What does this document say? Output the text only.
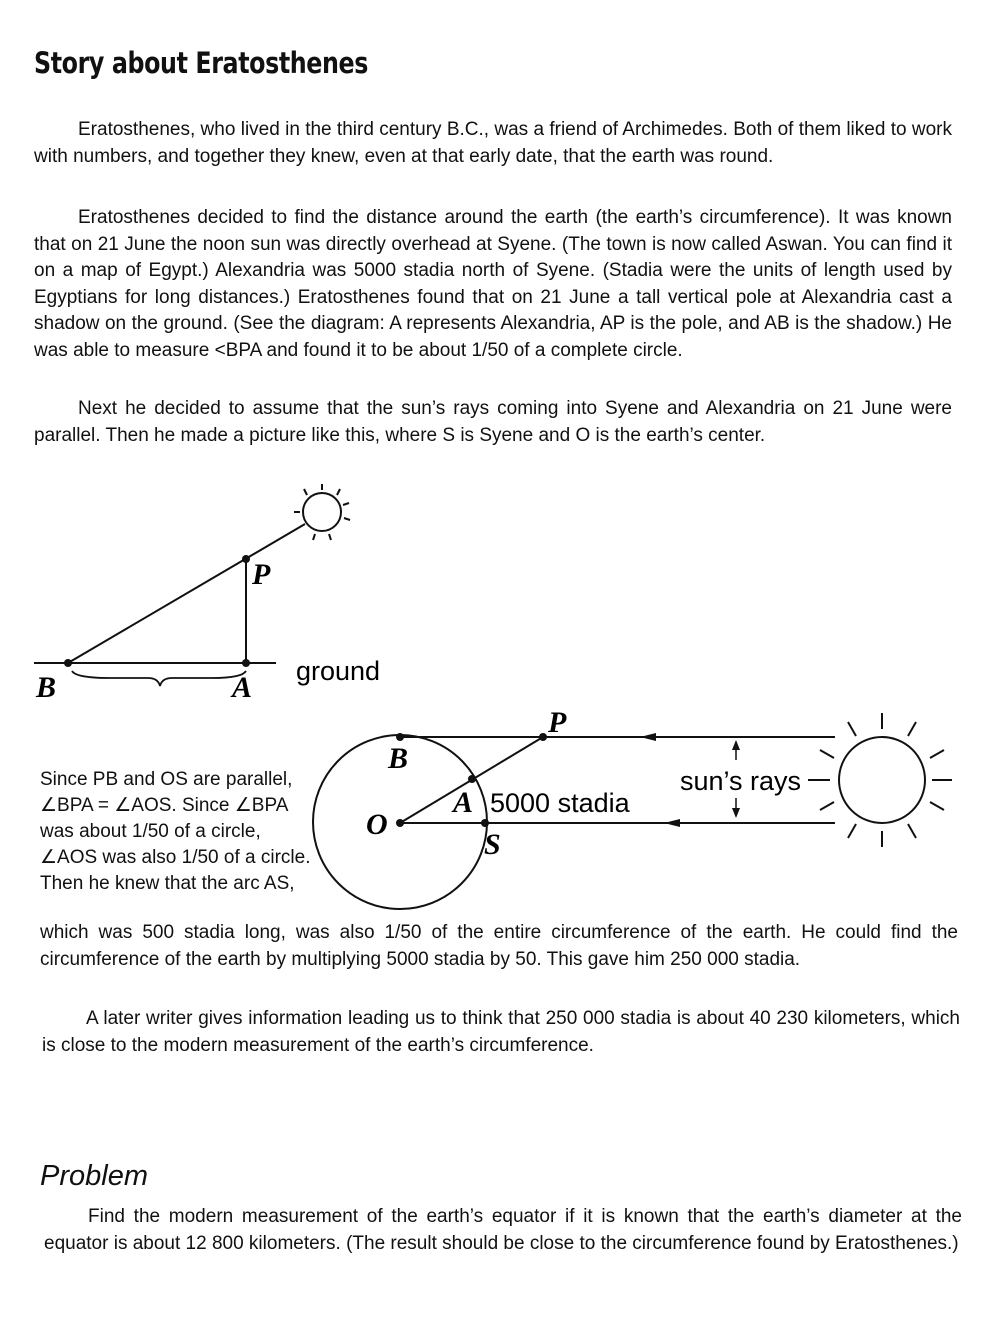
Story about Eratosthenes

Eratosthenes, who lived in the third century B.C., was a friend of Archimedes. Both of them liked to work with numbers, and together they knew, even at that early date, that the earth was round.

Eratosthenes decided to find the distance around the earth (the earth’s circumference). It was known that on 21 June the noon sun was directly overhead at Syene. (The town is now called Aswan. You can find it on a map of Egypt.) Alexandria was 5000 stadia north of Syene. (Stadia were the units of length used by Egyptians for long distances.) Eratosthenes found that on 21 June a tall vertical pole at Alexandria cast a shadow on the ground. (See the diagram: A represents Alexandria, AP is the pole, and AB is the shadow.) He was able to measure <BPA and found it to be about 1/50 of a complete circle.

Next he decided to assume that the sun’s rays coming into Syene and Alexandria on 21 June were parallel. Then he made a picture like this, where S is Syene and O is the earth’s center.

P
B	A ground
P
B
A
O
S
5000 stadia
sun’s rays

Since PB and OS are parallel, ∠BPA = ∠AOS. Since ∠BPA was about 1/50 of a circle, ∠AOS was also 1/50 of a circle. Then he knew that the arc AS,

which was 500 stadia long, was also 1/50 of the entire circumference of the earth. He could find the circumference of the earth by multiplying 5000 stadia by 50. This gave him 250 000 stadia.

A later writer gives information leading us to think that 250 000 stadia is about 40 230 kilometers, which is close to the modern measurement of the earth’s circumference.

Problem

Find the modern measurement of the earth’s equator if it is known that the earth’s diameter at the equator is about 12 800 kilometers. (The result should be close to the circumference found by Eratosthenes.)
